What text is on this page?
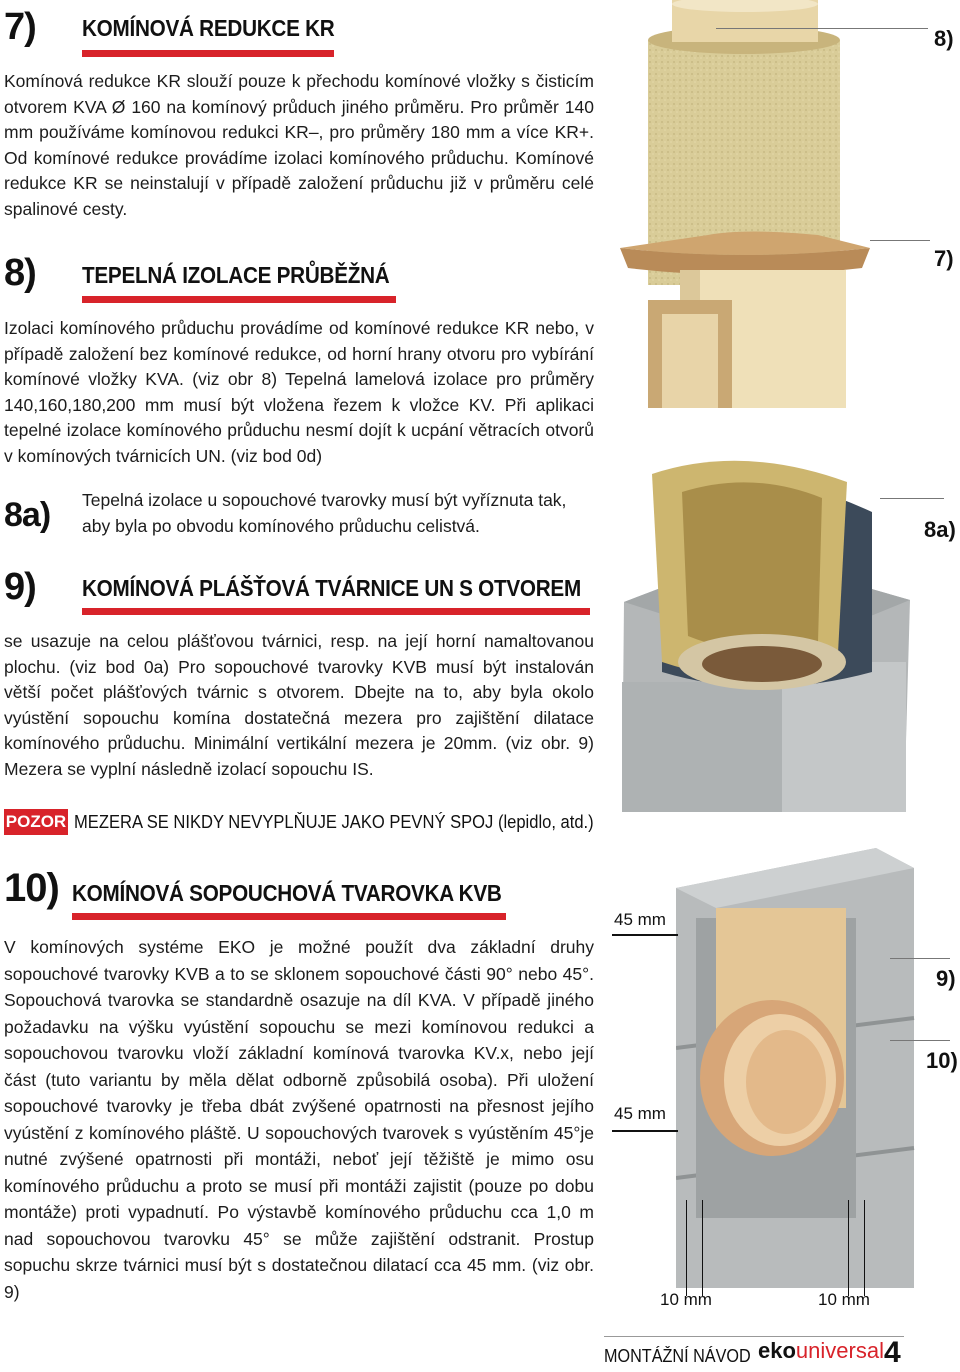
7) KOMÍNOVÁ REDUKCE KR

Komínová redukce KR slouží pouze k přechodu komínové vložky s čisticím otvorem KVA Ø 160 na komínový průduch jiného průměru. Pro průměr 140 mm používáme komínovou redukci KR–, pro průměry 180 mm a více KR+. Od komínové redukce provádíme izolaci komínového průduchu. Komínové redukce KR se neinstalují v případě založení průduchu již v průměru celé spalinové cesty.

8) TEPELNÁ IZOLACE PRŮBĚŽNÁ

Izolaci komínového průduchu provádíme od komínové redukce KR nebo, v případě založení bez komínové redukce, od horní hrany otvoru pro vybírání komínové vložky KVA. (viz obr 8) Tepelná lamelová izolace pro průměry 140,160,180,200 mm musí být vložena řezem k vložce KV. Při aplikaci tepelné izolace komínového průduchu nesmí dojít k ucpání větracích otvorů v komínových tvárnicích UN. (viz bod 0d)

8a) Tepelná izolace u sopouchové tvarovky musí být vyříznuta tak, aby byla po obvodu komínového průduchu celistvá.

9) KOMÍNOVÁ PLÁŠŤOVÁ TVÁRNICE UN S OTVOREM

se usazuje na celou plášťovou tvárnici, resp. na její horní namaltovanou plochu. (viz bod 0a) Pro sopouchové tvarovky KVB musí být instalován větší počet plášťových tvárnic s otvorem. Dbejte na to, aby byla okolo vyústění sopouchu komína dostatečná mezera pro zajištění dilatace komínového průduchu. Minimální vertikální mezera je 20mm. (viz obr. 9) Mezera se vyplní následně izolací sopouchu IS.

POZOR MEZERA SE NIKDY NEVYPLŇUJE JAKO PEVNÝ SPOJ (lepidlo, atd.)
10) KOMÍNOVÁ SOPOUCHOVÁ TVAROVKA KVB

V komínových systéme EKO je možné použít dva základní druhy sopouchové tvarovky KVB a to se sklonem sopouchové části 90° nebo 45°. Sopouchová tvarovka se standardně osazuje na díl KVA. V případě jiného požadavku na výšku vyústění sopouchu se mezi komínovou redukci a sopouchovou tvarovku vloží základní komínová tvarovka KV.x, nebo její část (tuto variantu by měla dělat odborně způsobilá osoba). Při uložení sopouchové tvarovky je třeba dbát zvýšené opatrnosti na přesnost jejího vyústění z komínového pláště. U sopouchových tvarovek s vyústěním 45°je nutné zvýšené opatrnosti při montáži, neboť její těžiště je mimo osu komínového průduchu a proto se musí při montáži zajistit (pouze po dobu montáže) proti vypadnutí. Po výstavbě komínového průduchu cca 1,0 m nad sopouchovou tvarovku 45° se může zajištění odstranit. Prostup sopuchu skrze tvárnici musí být s dostatečnou dilatací cca 45 mm. (viz obr. 9)

8)
7)
8a)
45 mm
45 mm
10 mm	10 mm
9)
10)
MONTÁŽNÍ NÁVOD ekouniversal 4
